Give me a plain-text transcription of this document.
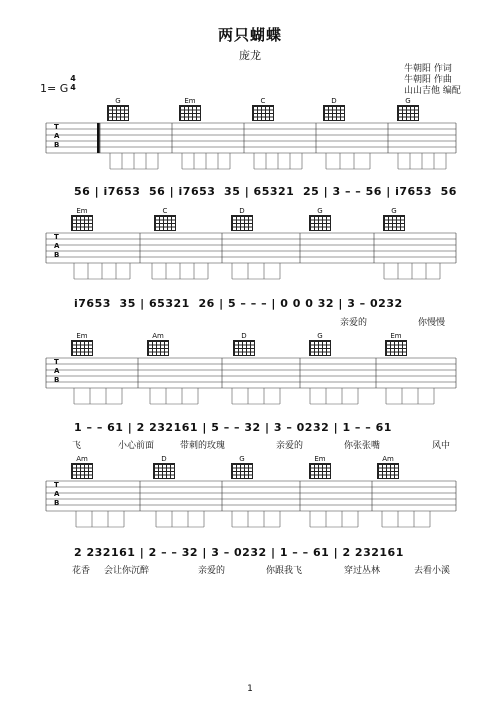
两只蝴蝶
庞龙
牛朝阳 作词
牛朝阳 作曲
山山吉他 编配
1= G
4
4
G	Em	C	D	G
T
A
B
56 | i7653  56 | i7653  35 | 65321  25 | 3 – – 56 | i7653  56
Em	C	D	G	G
T
A
B
i7653  35 | 65321  26 | 5 – – – | 0 0 0 32 | 3 – 0232
亲爱的	你慢慢
Em	Am	D	G	Em
T
A
B
1 – – 61 | 2 232161 | 5 – – 32 | 3 – 0232 | 1 – – 61
飞	小心前面	带刺的玫瑰	亲爱的	你张张嘴	风中
Am	D	G	Em	Am
T
A
B
2 232161 | 2 – – 32 | 3 – 0232 | 1 – – 61 | 2 232161
花香 会让你沉醉	亲爱的	你跟我飞	穿过丛林	去看小溪
1
